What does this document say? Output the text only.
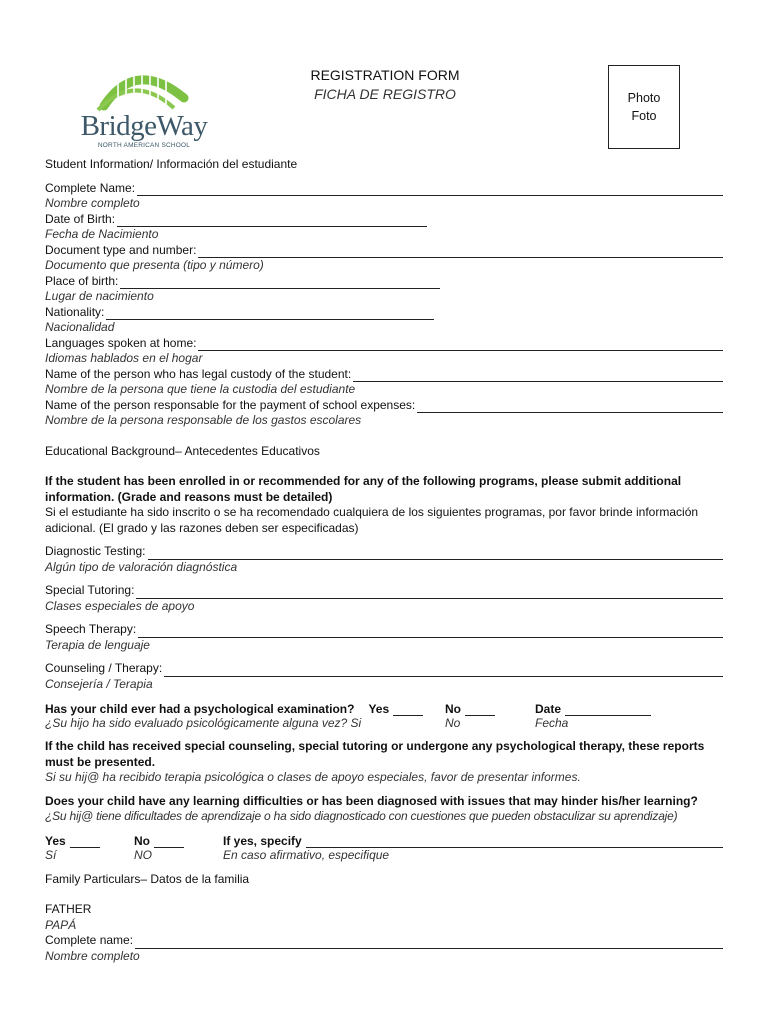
BridgeWay
NORTH AMERICAN SCHOOL
REGISTRATION FORM
FICHA DE REGISTRO	Photo
Foto
Student Information / Información del estudiante
Complete Name :
Nombre completo
Date of Birth :
Fecha de Nacimiento
Document type and number :
Documento que presenta (tipo y número)
Place of birth :
Lugar de nacimiento
Nationality :
Nacionalidad
Languages spoken at home :
Idiomas hablados en el hogar
Name of the person who has legal custody of the student :
Nombre de la persona que tiene la custodia del estudiante
Name of the person responsable for the payment of school expenses :
Nombre de la persona responsable de los gastos escolares
Educational Background – Antecedentes Educativos
If the student has been enrolled in or recommended for any of the following programs, please submit additional information. (Grade and reasons must be detailed)
Si el estudiante ha sido inscrito o se ha recomendado cualquiera de los siguientes programas, por favor brinde información adicional. (El grado y las razones deben ser especificadas)
Diagnostic Testing :
Algún tipo de valoración diagnóstica
Special Tutoring :
Clases especiales de apoyo
Speech Therapy :
Terapia de lenguaje
Counseling / Therapy :
Consejería / Terapia
Has your child ever had a psychological examination? Yes
¿Su hijo ha sido evaluado psicológicamente alguna vez? Si
No
No
Date
Fecha
If the child has received special counseling, special tutoring or undergone any psychological therapy, these reports must be presented.
Si su hij@ ha recibido terapia psicológica o clases de apoyo especiales, favor de presentar informes.
Does your child have any learning difficulties or has been diagnosed with issues that may hinder his/her learning?
¿Su hij@ tiene dificultades de aprendizaje o ha sido diagnosticado con cuestiones que pueden obstaculizar su aprendizaje)
Yes
Sí
No
NO
If yes, specify
En caso afirmativo, especifique
Family Particulars – Datos de la familia
FATHER
PAPÁ
Complete name :
Nombre completo
